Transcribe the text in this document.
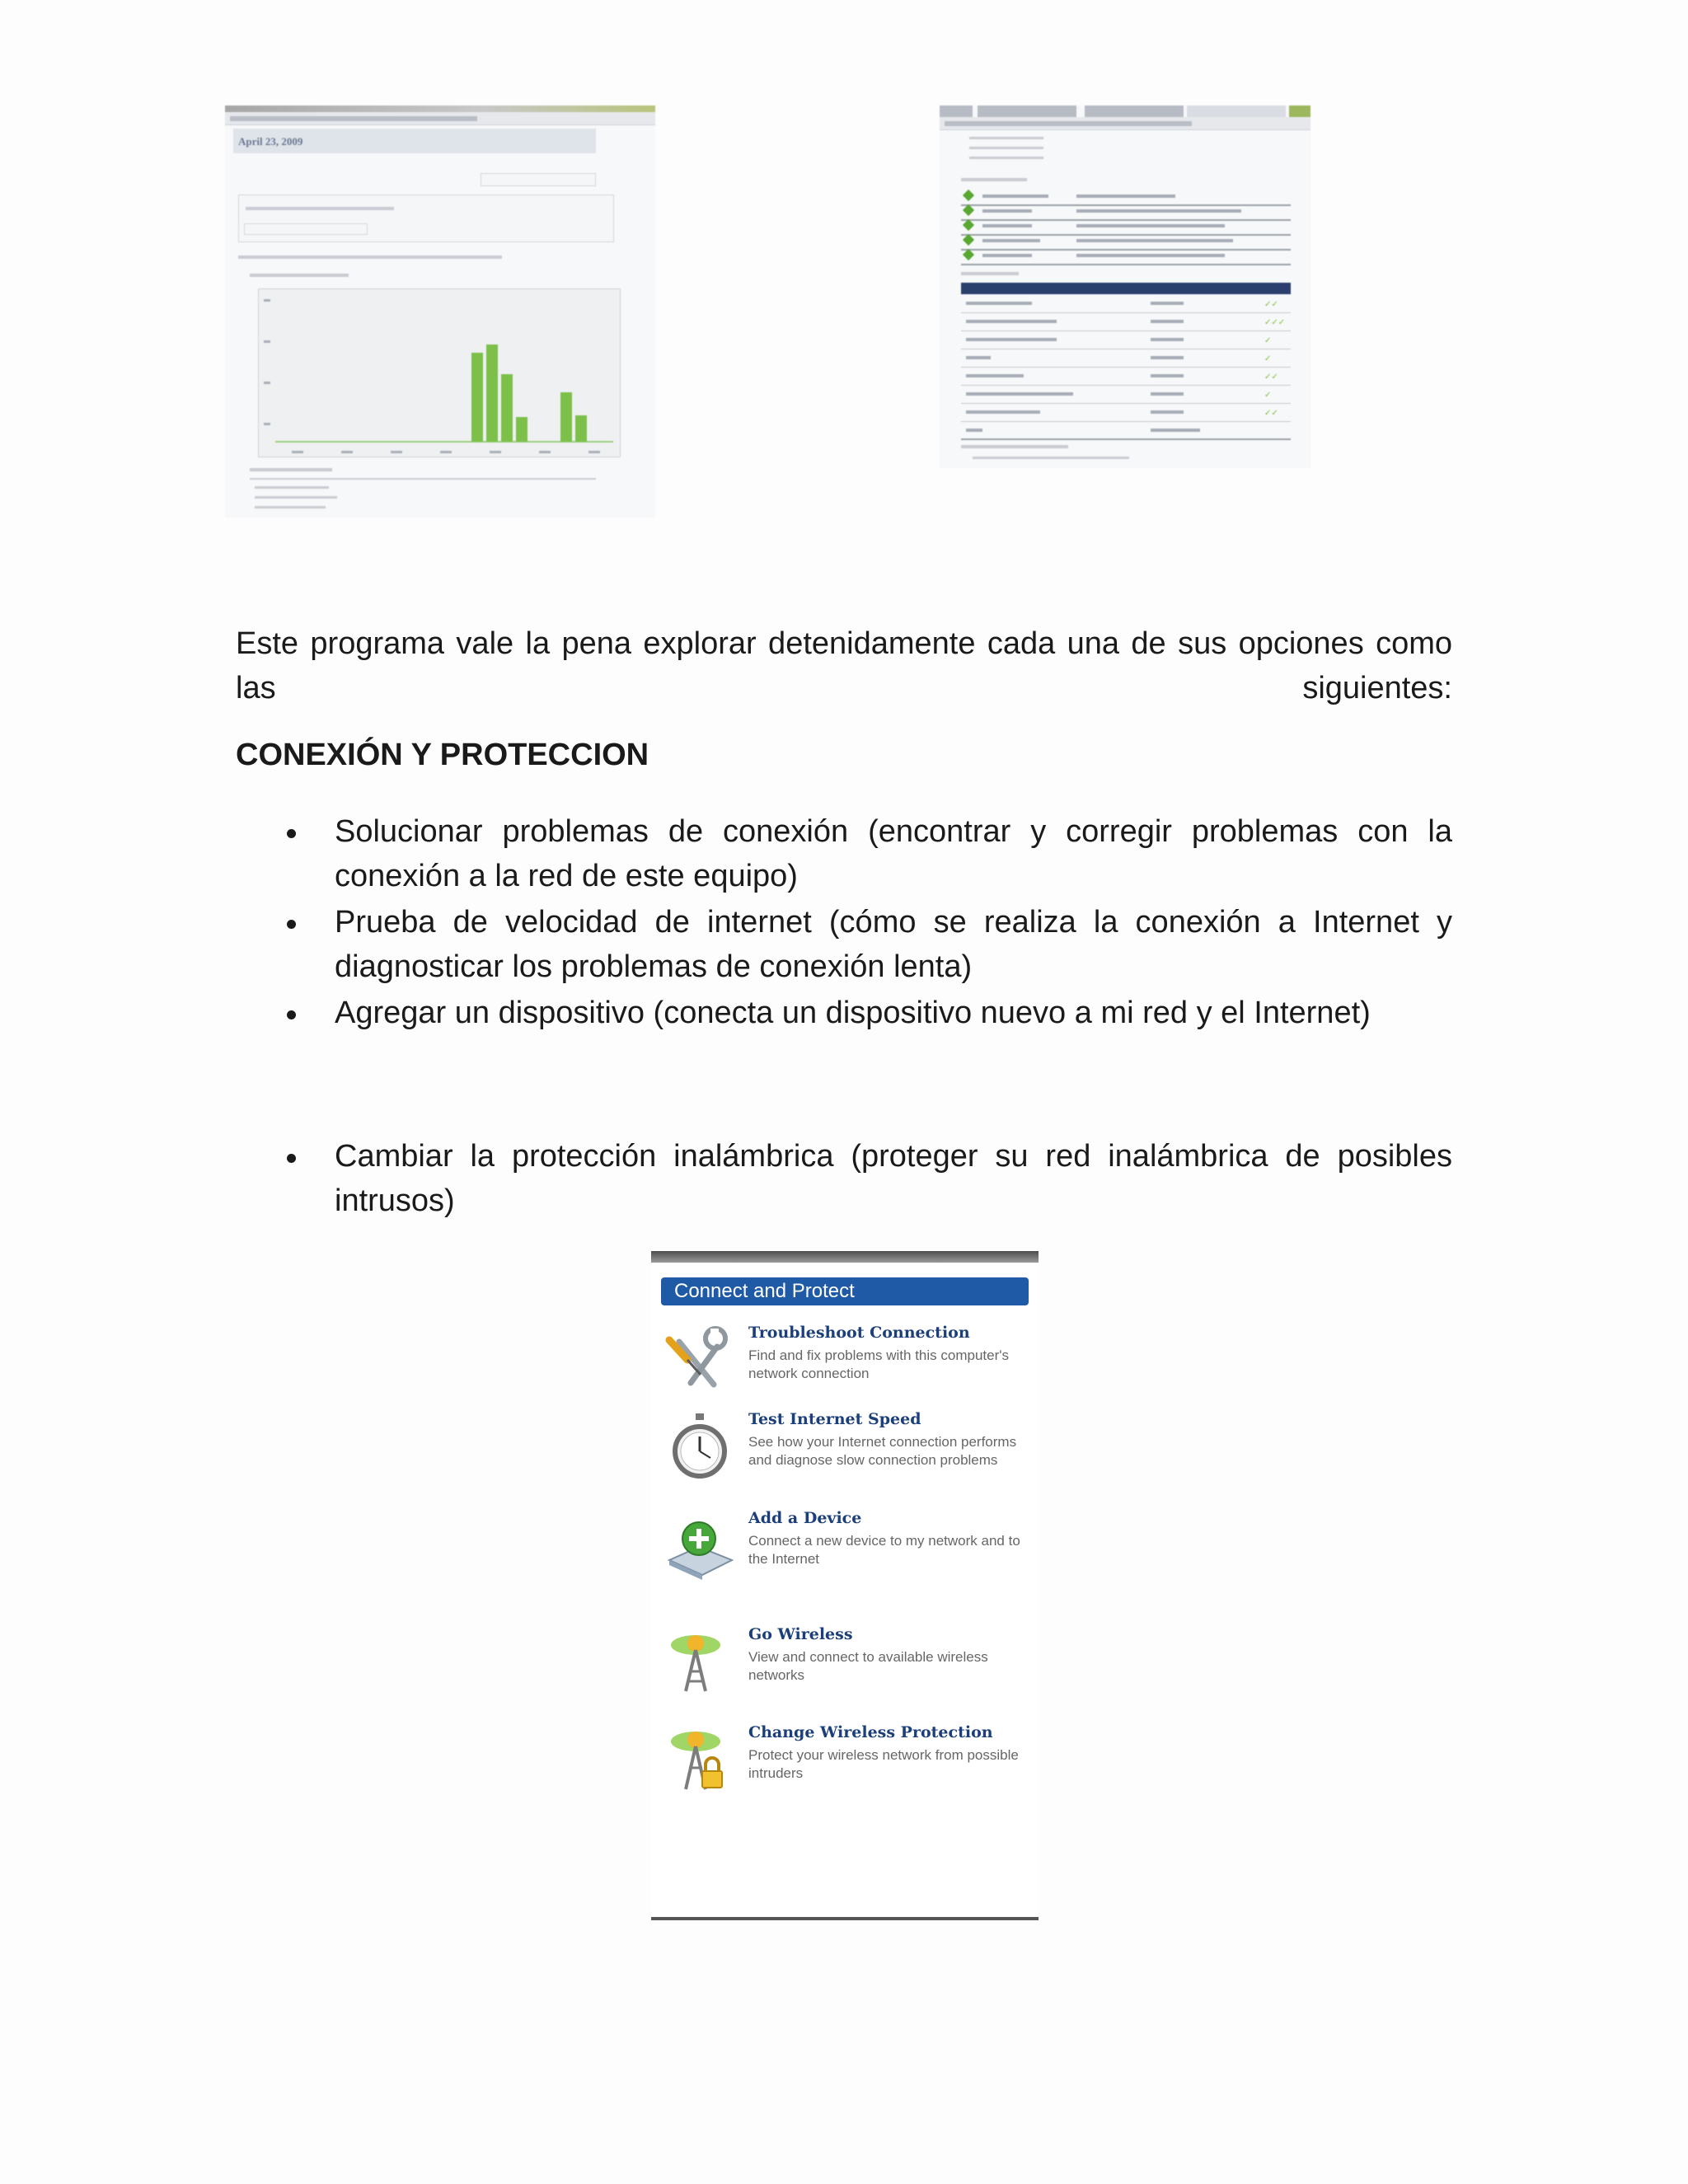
April 23, 2009
✓✓
✓✓✓
✓
✓
✓✓
✓
✓✓

Este programa vale la pena explorar detenidamente cada una de sus opciones como las siguientes:

CONEXIÓN Y PROTECCION
Solucionar problemas de conexión (encontrar y corregir problemas con la conexión a la red de este equipo)
Prueba de velocidad de internet (cómo se realiza la conexión a Internet y diagnosticar los problemas de conexión lenta)
Agregar un dispositivo (conecta un dispositivo nuevo a mi red y el Internet)
Cambiar la protección inalámbrica (proteger su red inalámbrica de posibles intrusos)
Connect and Protect
Troubleshoot Connection
Find and fix problems with this computer's network connection
Test Internet Speed
See how your Internet connection performs and diagnose slow connection problems
Add a Device
Connect a new device to my network and to the Internet
Go Wireless
View and connect to available wireless networks
Change Wireless Protection
Protect your wireless network from possible intruders
